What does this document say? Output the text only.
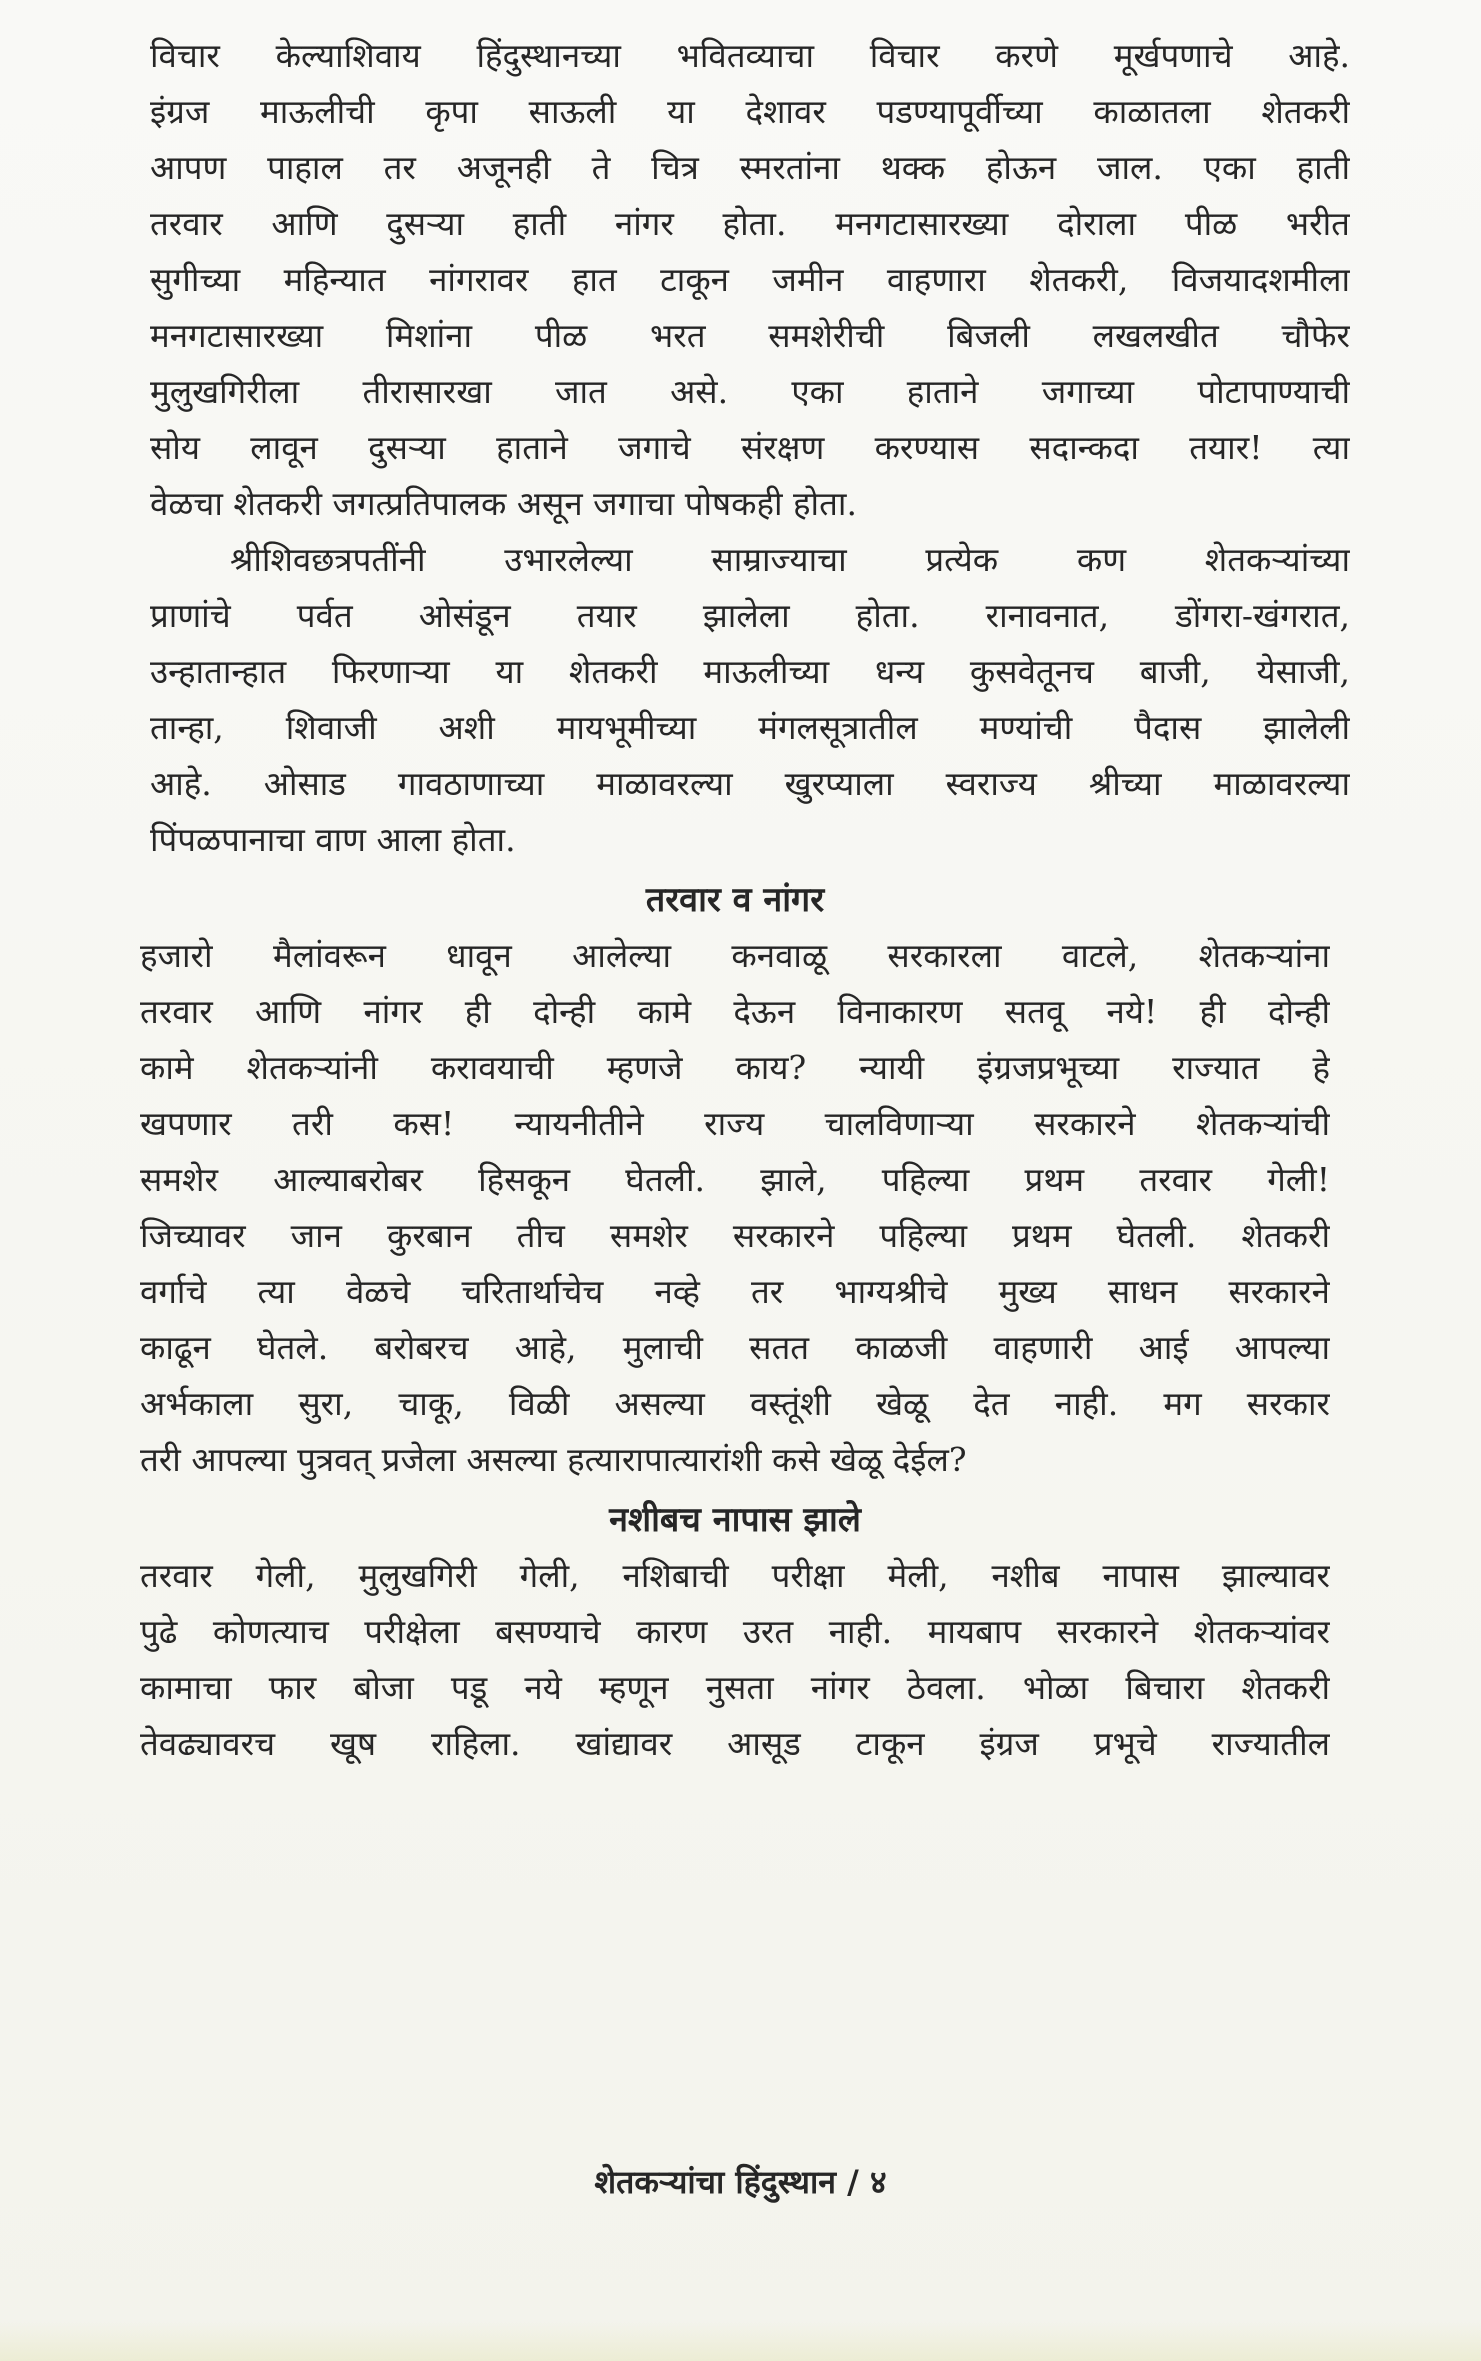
विचार केल्याशिवाय हिंदुस्थानच्या भवितव्याचा विचार करणे मूर्खपणाचे आहे.
इंग्रज माऊलीची कृपा साऊली या देशावर पडण्यापूर्वीच्या काळातला शेतकरी
आपण पाहाल तर अजूनही ते चित्र स्मरतांना थक्क होऊन जाल. एका हाती
तरवार आणि दुसऱ्या हाती नांगर होता. मनगटासारख्या दोराला पीळ भरीत
सुगीच्या महिन्यात नांगरावर हात टाकून जमीन वाहणारा शेतकरी, विजयादशमीला
मनगटासारख्या मिशांना पीळ भरत समशेरीची बिजली लखलखीत चौफेर
मुलुखगिरीला तीरासारखा जात असे. एका हाताने जगाच्या पोटापाण्याची
सोय लावून दुसऱ्या हाताने जगाचे संरक्षण करण्यास सदान्कदा तयार! त्या
वेळचा शेतकरी जगत्प्रतिपालक असून जगाचा पोषकही होता.
श्रीशिवछत्रपतींनी उभारलेल्या साम्राज्याचा प्रत्येक कण शेतकऱ्यांच्या
प्राणांचे पर्वत ओसंडून तयार झालेला होता. रानावनात, डोंगरा-खंगरात,
उन्हातान्हात फिरणाऱ्या या शेतकरी माऊलीच्या धन्य कुसवेतूनच बाजी, येसाजी,
तान्हा, शिवाजी अशी मायभूमीच्या मंगलसूत्रातील मण्यांची पैदास झालेली
आहे. ओसाड गावठाणाच्या माळावरल्या खुरप्याला स्वराज्य श्रीच्या माळावरल्या
पिंपळपानाचा वाण आला होता.
तरवार व नांगर
हजारो मैलांवरून धावून आलेल्या कनवाळू सरकारला वाटले, शेतकऱ्यांना
तरवार आणि नांगर ही दोन्ही कामे देऊन विनाकारण सतवू नये! ही दोन्ही
कामे शेतकऱ्यांनी करावयाची म्हणजे काय? न्यायी इंग्रजप्रभूच्या राज्यात हे
खपणार तरी कस! न्यायनीतीने राज्य चालविणाऱ्या सरकारने शेतकऱ्यांची
समशेर आल्याबरोबर हिसकून घेतली. झाले, पहिल्या प्रथम तरवार गेली!
जिच्यावर जान कुरबान तीच समशेर सरकारने पहिल्या प्रथम घेतली. शेतकरी
वर्गाचे त्या वेळचे चरितार्थाचेच नव्हे तर भाग्यश्रीचे मुख्य साधन सरकारने
काढून घेतले. बरोबरच आहे, मुलाची सतत काळजी वाहणारी आई आपल्या
अर्भकाला सुरा, चाकू, विळी असल्या वस्तूंशी खेळू देत नाही. मग सरकार
तरी आपल्या पुत्रवत् प्रजेला असल्या हत्यारापात्यारांशी कसे खेळू देईल?
नशीबच नापास झाले
तरवार गेली, मुलुखगिरी गेली, नशिबाची परीक्षा मेली, नशीब नापास झाल्यावर
पुढे कोणत्याच परीक्षेला बसण्याचे कारण उरत नाही. मायबाप सरकारने शेतकऱ्यांवर
कामाचा फार बोजा पडू नये म्हणून नुसता नांगर ठेवला. भोळा बिचारा शेतकरी
तेवढ्यावरच खूष राहिला. खांद्यावर आसूड टाकून इंग्रज प्रभूचे राज्यातील
शेतकऱ्यांचा हिंदुस्थान / ४
